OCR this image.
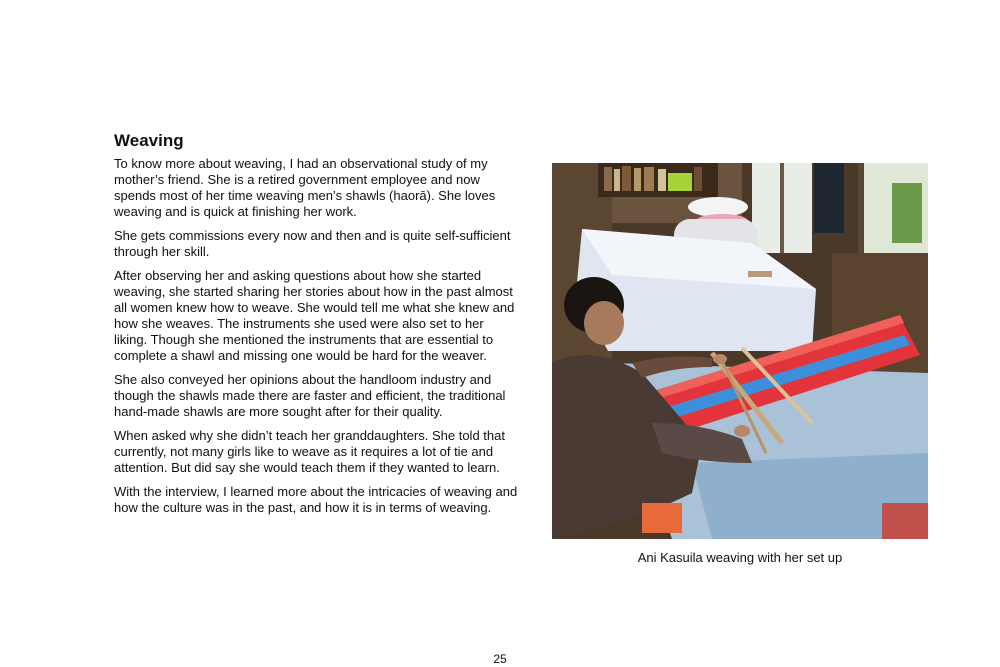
Weaving

To know more about weaving, I had an observational study of my mother’s friend. She is a retired government employee and now spends most of her time weaving men’s shawls (haorā). She loves weaving and is quick at finishing her work.

She gets commissions every now and then and is quite self-sufficient through her skill.

After observing her and asking questions about how she started weaving, she started sharing her stories about how in the past almost all women knew how to weave. She would tell me what she knew and how she weaves. The instruments she used were also set to her liking. Though she mentioned the instruments that are essential to complete a shawl and missing one would be hard for the weaver.

She also conveyed her opinions about the handloom industry and though the shawls made there are faster and efficient, the traditional hand-made shawls are more sought after for their quality.

When asked why she didn’t teach her granddaughters. She told that currently, not many girls like to weave as it requires a lot of tie and attention. But did say she would teach them if they wanted to learn.

With the interview, I learned more about the intricacies of weaving and how the culture was in the past, and how it is in terms of weaving.

Ani Kasuila weaving with her set up
25
